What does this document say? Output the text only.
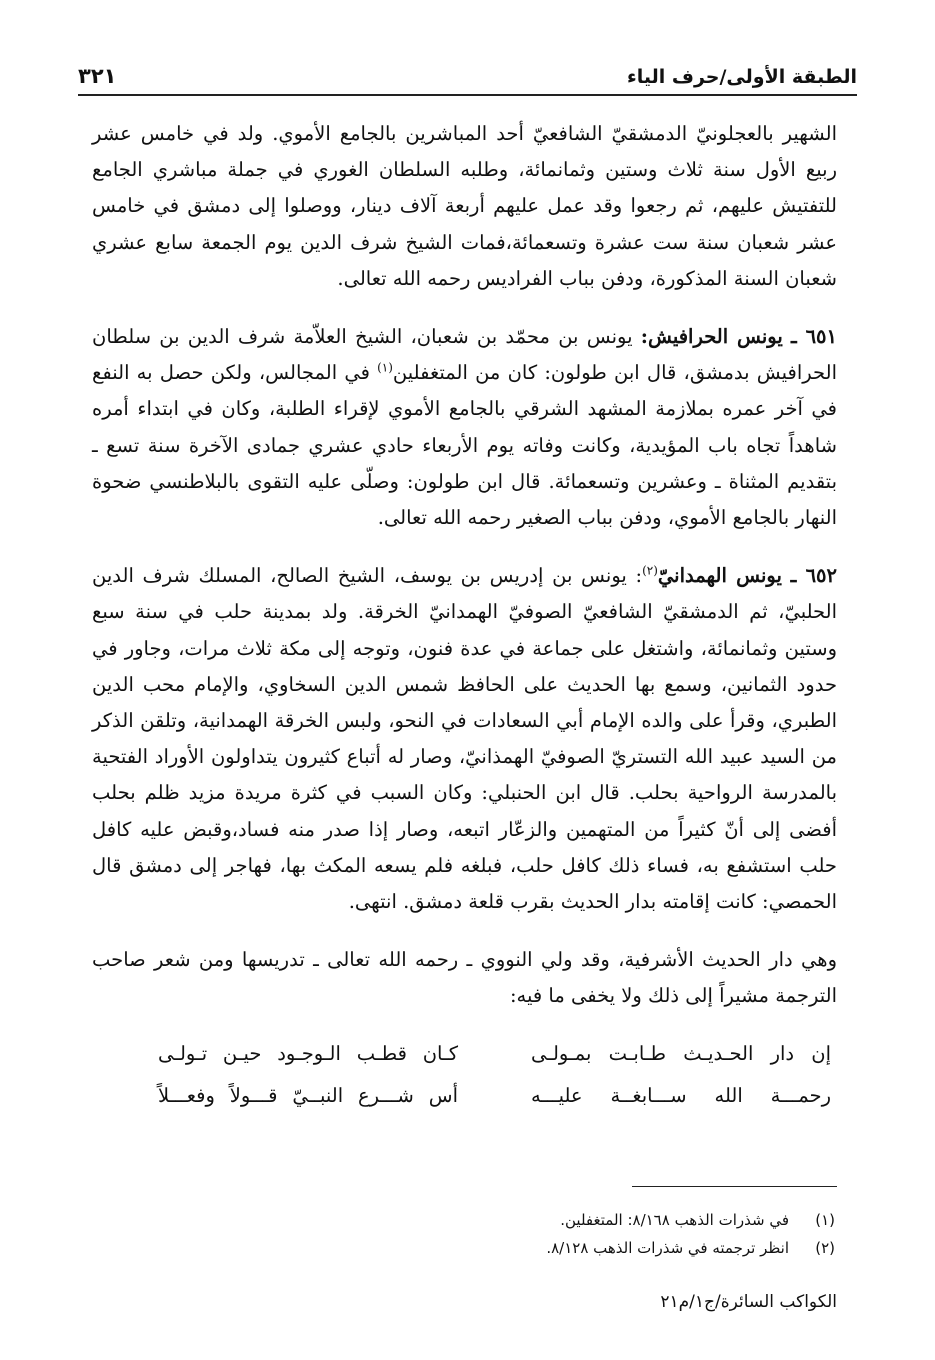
الطبقة الأولى/حرف الياء
٣٢١

الشهير بالعجلونيّ الدمشقيّ الشافعيّ أحد المباشرين بالجامع الأموي. ولد في خامس عشر ربيع الأول سنة ثلاث وستين وثمانمائة، وطلبه السلطان الغوري في جملة مباشري الجامع للتفتيش عليهم، ثم رجعوا وقد عمل عليهم أربعة آلاف دينار، ووصلوا إلى دمشق في خامس عشر شعبان سنة ست عشرة وتسعمائة،فمات الشيخ شرف الدين يوم الجمعة سابع عشري شعبان السنة المذكورة، ودفن بباب الفراديس رحمه الله تعالى.

٦٥١ ـ يونس الحرافيش: يونس بن محمّد بن شعبان، الشيخ العلاّمة شرف الدين بن سلطان الحرافيش بدمشق، قال ابن طولون: كان من المتغفلين$^{(١)}$ في المجالس، ولكن حصل به النفع في آخر عمره بملازمة المشهد الشرقي بالجامع الأموي لإقراء الطلبة، وكان في ابتداء أمره شاهداً تجاه باب المؤيدية، وكانت وفاته يوم الأربعاء حادي عشري جمادى الآخرة سنة تسع ـ بتقديم المثناة ـ وعشرين وتسعمائة. قال ابن طولون: وصلّى عليه التقوى بالبلاطنسي ضحوة النهار بالجامع الأموي، ودفن بباب الصغير رحمه الله تعالى.

٦٥٢ ـ يونس الهمدانيّ$^{(٢)}$: يونس بن إدريس بن يوسف، الشيخ الصالح، المسلك شرف الدين الحلبيّ، ثم الدمشقيّ الشافعيّ الصوفيّ الهمدانيّ الخرقة. ولد بمدينة حلب في سنة سبع وستين وثمانمائة، واشتغل على جماعة في عدة فنون، وتوجه إلى مكة ثلاث مرات، وجاور في حدود الثمانين، وسمع بها الحديث على الحافظ شمس الدين السخاوي، والإمام محب الدين الطبري، وقرأ على والده الإمام أبي السعادات في النحو، ولبس الخرقة الهمدانية، وتلقن الذكر من السيد عبيد الله التستريّ الصوفيّ الهمذانيّ، وصار له أتباع كثيرون يتداولون الأوراد الفتحية بالمدرسة الرواحية بحلب. قال ابن الحنبلي: وكان السبب في كثرة مريدة مزيد ظلم بحلب أفضى إلى أنّ كثيراً من المتهمين والزعّار اتبعه، وصار إذا صدر منه فساد،وقبض عليه كافل حلب استشفع به، فساء ذلك كافل حلب، فبلغه فلم يسعه المكث بها، فهاجر إلى دمشق قال الحمصي: كانت إقامته بدار الحديث بقرب قلعة دمشق. انتهى.

وهي دار الحديث الأشرفية، وقد ولي النووي ـ رحمه الله تعالى ـ تدريسها ومن شعر صاحب الترجمة مشيراً إلى ذلك ولا يخفى ما فيه:

إن دار الحـديـث طـابـت بمـولـى
كـان قطـب الـوجـود حيـن تـولـى
رحمـــة الله ســـابغــة عليـــه
أس شـــرع النبــيّ قـــولاً وفعـــلاً
(١)
في شذرات الذهب ٨/١٦٨: المتغفلين.
(٢)
انظر ترجمته في شذرات الذهب ٨/١٢٨.
الكواكب السائرة/ج١/م٢١
